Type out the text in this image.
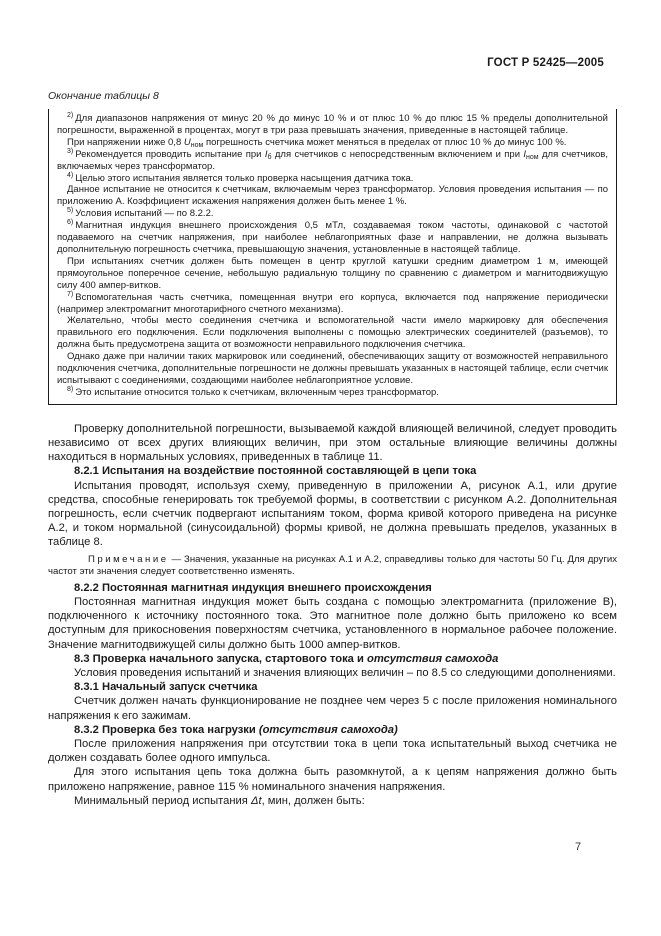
ГОСТ Р 52425—2005
Окончание таблицы 8

$^{2)}$ Для диапазонов напряжения от минус 20 % до минус 10 % и от плюс 10 % до плюс 15 % пределы дополнительной погрешности, выраженной в процентах, могут в три раза превышать значения, приведенные в настоящей таблице.

При напряжении ниже 0,8 $U_{ном}$ погрешность счетчика может меняться в пределах от плюс 10 % до минус 100 %.

$^{3)}$ Рекомендуется проводить испытание при $I_б$ для счетчиков с непосредственным включением и при $I_{ном}$ для счетчиков, включаемых через трансформатор.

$^{4)}$ Целью этого испытания является только проверка насыщения датчика тока.

Данное испытание не относится к счетчикам, включаемым через трансформатор. Условия проведения испытания — по приложению А. Коэффициент искажения напряжения должен быть менее 1 %.

$^{5)}$ Условия испытаний — по 8.2.2.

$^{6)}$ Магнитная индукция внешнего происхождения 0,5 мТл, создаваемая током частоты, одинаковой с частотой подаваемого на счетчик напряжения, при наиболее неблагоприятных фазе и направлении, не должна вызывать дополнительную погрешность счетчика, превышающую значения, установленные в настоящей таблице.

При испытаниях счетчик должен быть помещен в центр круглой катушки средним диаметром 1 м, имеющей прямоугольное поперечное сечение, небольшую радиальную толщину по сравнению с диаметром и магнитодвижущую силу 400 ампер-витков.

$^{7)}$ Вспомогательная часть счетчика, помещенная внутри его корпуса, включается под напряжение периодически (например электромагнит многотарифного счетного механизма).

Желательно, чтобы место соединения счетчика и вспомогательной части имело маркировку для обеспечения правильного его подключения. Если подключения выполнены с помощью электрических соединителей (разъемов), то должна быть предусмотрена защита от возможности неправильного подключения счетчика.

Однако даже при наличии таких маркировок или соединений, обеспечивающих защиту от возможностей неправильного подключения счетчика, дополнительные погрешности не должны превышать указанных в настоящей таблице, если счетчик испытывают с соединениями, создающими наиболее неблагоприятное условие.

$^{8)}$ Это испытание относится только к счетчикам, включенным через трансформатор.

Проверку дополнительной погрешности, вызываемой каждой влияющей величиной, следует проводить независимо от всех других влияющих величин, при этом остальные влияющие величины должны находиться в нормальных условиях, приведенных в таблице 11.

8.2.1 Испытания на воздействие постоянной составляющей в цепи тока

Испытания проводят, используя схему, приведенную в приложении А, рисунок А.1, или другие средства, способные генерировать ток требуемой формы, в соответствии с рисунком А.2. Дополнительная погрешность, если счетчик подвергают испытаниям током, форма кривой которого приведена на рисунке А.2, и током нормальной (синусоидальной) формы кривой, не должна превышать пределов, указанных в таблице 8.

Примечание — Значения, указанные на рисунках А.1 и А.2, справедливы только для частоты 50 Гц. Для других частот эти значения следует соответственно изменять.

8.2.2 Постоянная магнитная индукция внешнего происхождения

Постоянная магнитная индукция может быть создана с помощью электромагнита (приложение В), подключенного к источнику постоянного тока. Это магнитное поле должно быть приложено ко всем доступным для прикосновения поверхностям счетчика, установленного в нормальное рабочее положение. Значение магнитодвижущей силы должно быть 1000 ампер-витков.

8.3 Проверка начального запуска, стартового тока и отсутствия самохода

Условия проведения испытаний и значения влияющих величин – по 8.5 со следующими дополнениями.

8.3.1 Начальный запуск счетчика

Счетчик должен начать функционирование не позднее чем через 5 с после приложения номинального напряжения к его зажимам.

8.3.2 Проверка без тока нагрузки (отсутствия самохода)

После приложения напряжения при отсутствии тока в цепи тока испытательный выход счетчика не должен создавать более одного импульса.

Для этого испытания цепь тока должна быть разомкнутой, а к цепям напряжения должно быть приложено напряжение, равное 115 % номинального значения напряжения.

Минимальный период испытания Δt, мин, должен быть:

7
